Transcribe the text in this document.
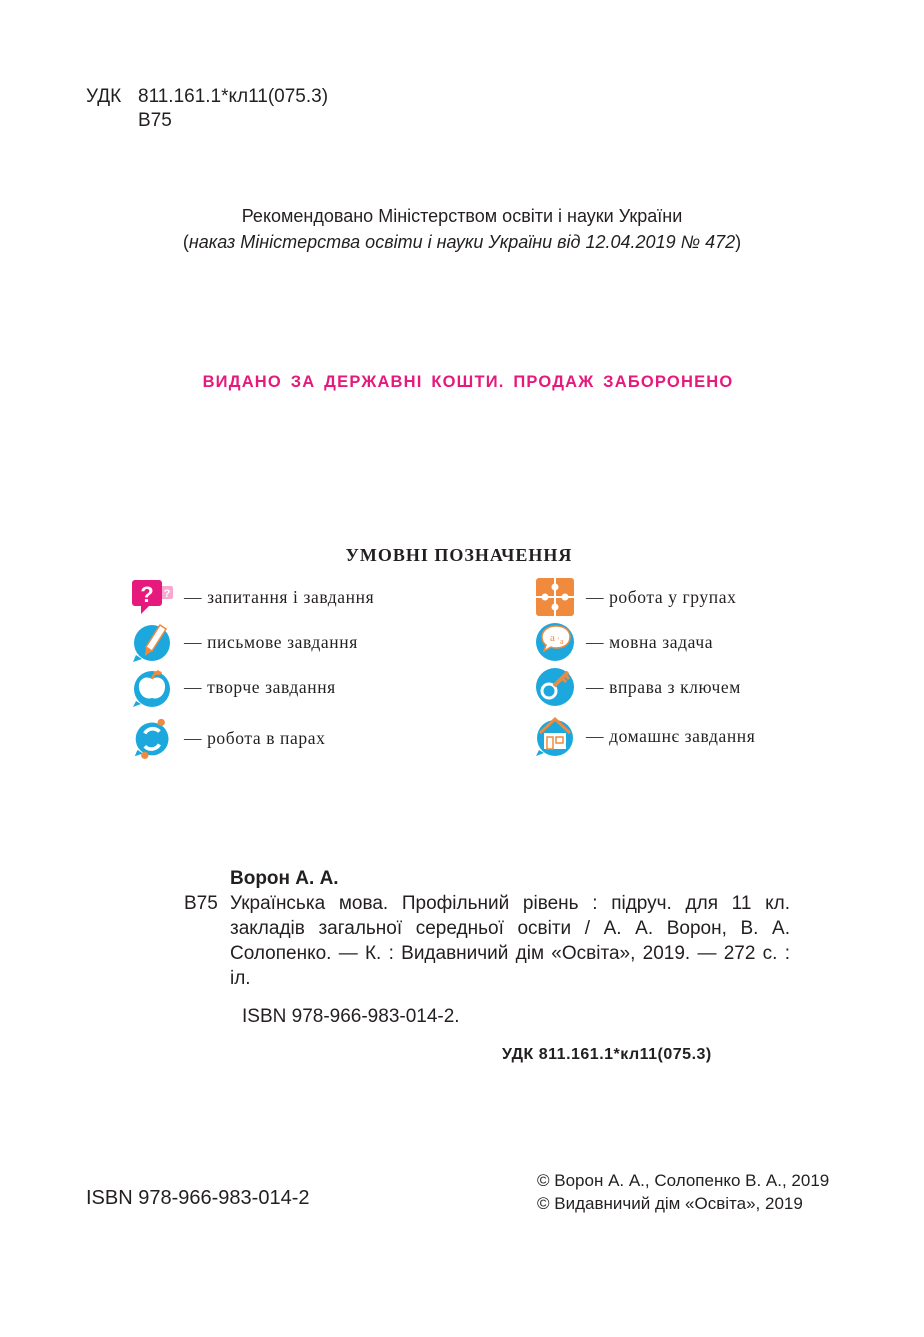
УДК 811.161.1*кл11(075.3)
В75
Рекомендовано Міністерством освіти і науки України
(наказ Міністерства освіти і науки України від 12.04.2019 № 472)
ВИДАНО ЗА ДЕРЖАВНІ КОШТИ. ПРОДАЖ ЗАБОРОНЕНО
УМОВНІ ПОЗНАЧЕННЯ
? ? — запитання і завдання
— письмове завдання
— творче завдання
— робота в парах
— робота у групах
a ' a — мовна задача
— вправа з ключем
— домашнє завдання
Ворон А. А.
В75 Українська мова. Профільний рівень : підруч. для 11 кл. закладів загальної середньої освіти / А. А. Ворон, В. А. Солопенко. — К. : Видавничий дім «Освіта», 2019. — 272 с. : іл.
ISBN 978-966-983-014-2.
УДК 811.161.1*кл11(075.3)
ISBN 978-966-983-014-2
© Ворон А. А., Солопенко В. А., 2019
© Видавничий дім «Освіта», 2019
